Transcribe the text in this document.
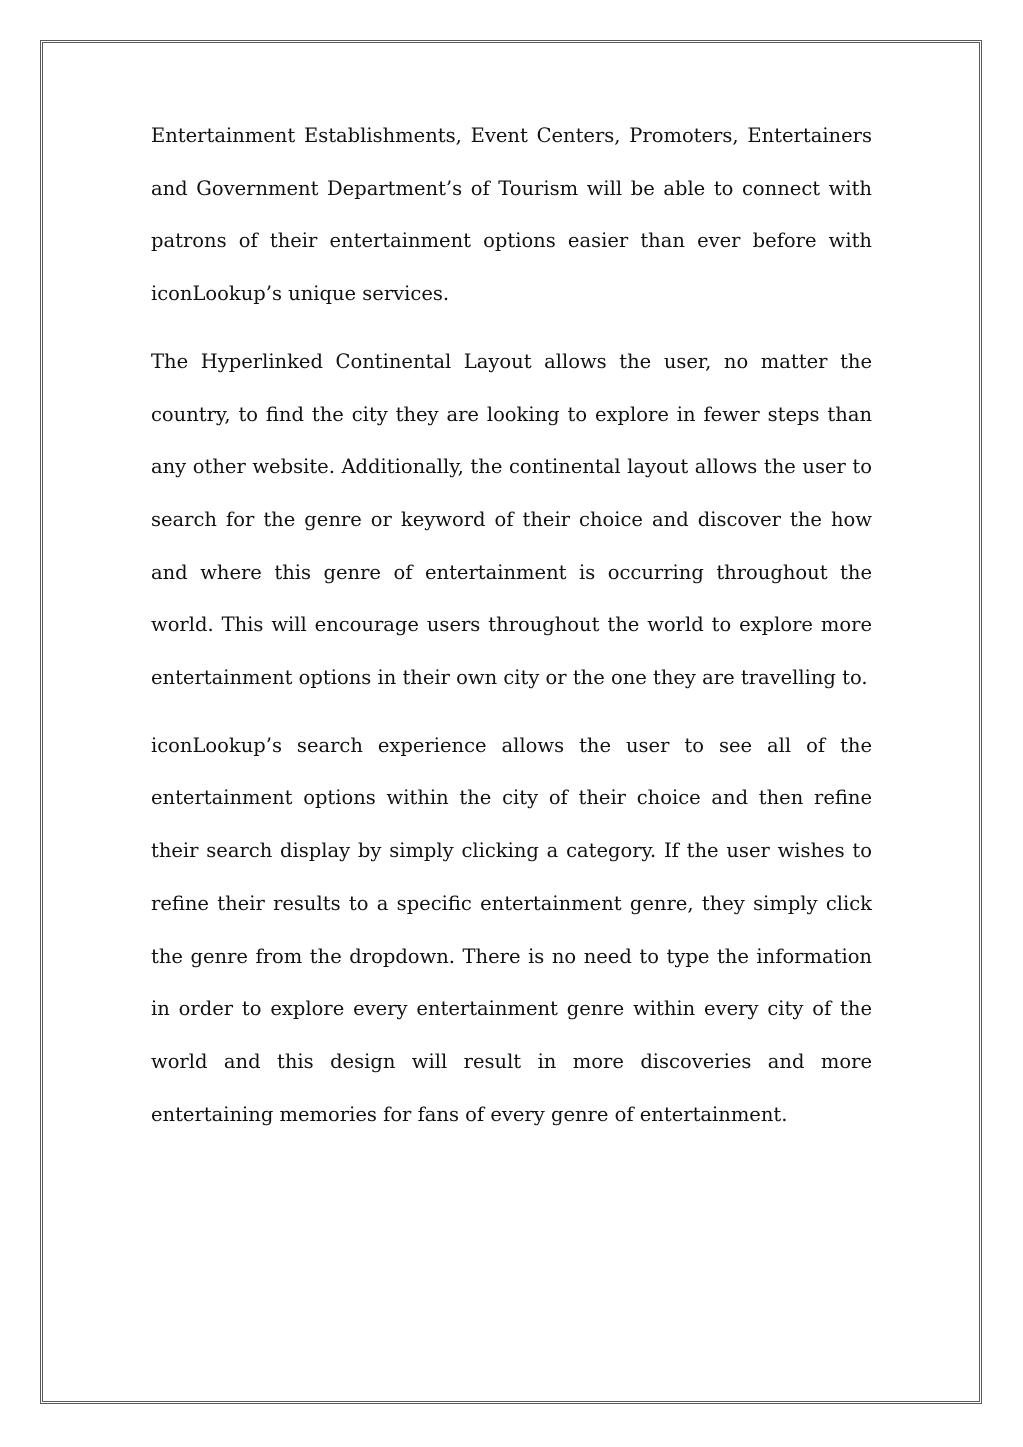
Entertainment Establishments, Event Centers, Promoters, Entertainers and Government Department’s of Tourism will be able to connect with patrons of their entertainment options easier than ever before with iconLookup’s unique services.

The Hyperlinked Continental Layout allows the user, no matter the country, to find the city they are looking to explore in fewer steps than any other website. Additionally, the continental layout allows the user to search for the genre or keyword of their choice and discover the how and where this genre of entertainment is occurring throughout the world. This will encourage users throughout the world to explore more entertainment options in their own city or the one they are travelling to.

iconLookup’s search experience allows the user to see all of the entertainment options within the city of their choice and then refine their search display by simply clicking a category. If the user wishes to refine their results to a specific entertainment genre, they simply click the genre from the dropdown. There is no need to type the information in order to explore every entertainment genre within every city of the world and this design will result in more discoveries and more entertaining memories for fans of every genre of entertainment.
